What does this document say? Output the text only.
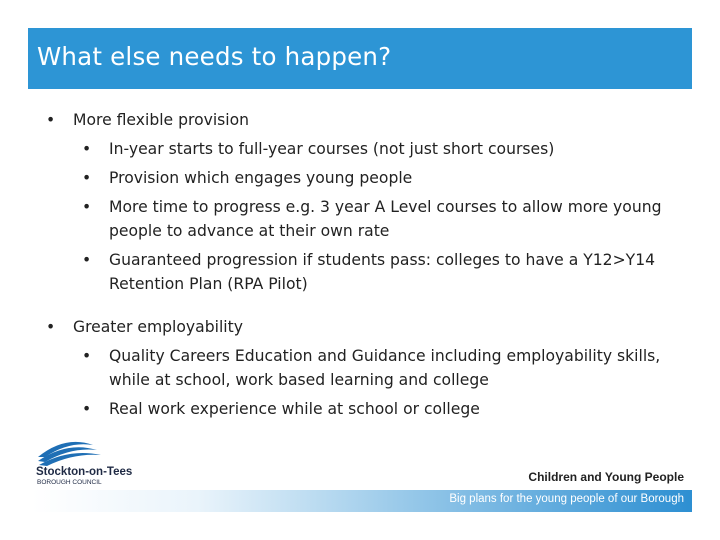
What else needs to happen?
• More flexible provision
• In-year starts to full-year courses (not just short courses)
• Provision which engages young people
• More time to progress e.g. 3 year A Level courses to allow more young
people to advance at their own rate
• Guaranteed progression if students pass: colleges to have a Y12>Y14
Retention Plan (RPA Pilot)
• Greater employability
• Quality Careers Education and Guidance including employability skills,
while at school, work based learning and college
• Real work experience while at school or college
Stockton-on-Tees
BOROUGH COUNCIL	Children and Young People
Big plans for the young people of our Borough
